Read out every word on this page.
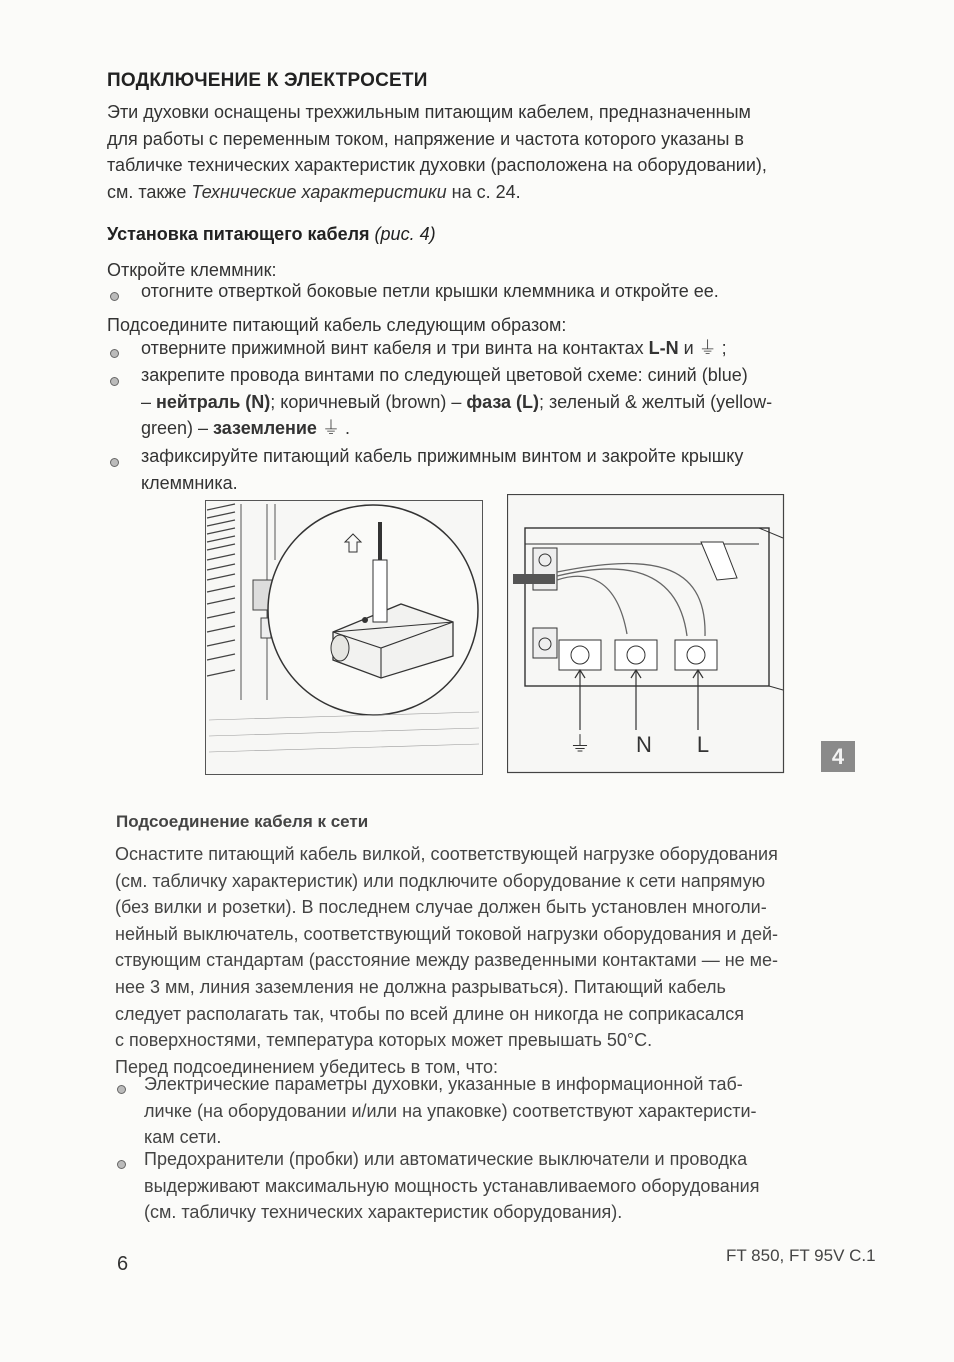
ПОДКЛЮЧЕНИЕ К ЭЛЕКТРОСЕТИ
Эти духовки оснащены трехжильным питающим кабелем, предназначенным
для работы с переменным током, напряжение и частота которого указаны в
табличке технических характеристик духовки (расположена на оборудовании),
см. также Технические характеристики на с. 24.
Установка питающего кабеля (рис. 4)
Откройте клеммник:
отогните отверткой боковые петли крышки клеммника и откройте ее.
Подсоедините питающий кабель следующим образом:
отверните прижимной винт кабеля и три винта на контактах L-N и ⏚ ;
закрепите провода винтами по следующей цветовой схеме: синий (blue)
– нейтраль (N); коричневый (brown) – фаза (L); зеленый & желтый (yellow-
green) – заземление ⏚ .
зафиксируйте питающий кабель прижимным винтом и закройте крышку
клеммника.
⏚ N L	4
Подсоединение кабеля к сети
Оснастите питающий кабель вилкой, соответствующей нагрузке оборудования
(см. табличку характеристик) или подключите оборудование к сети напрямую
(без вилки и розетки). В последнем случае должен быть установлен многоли-
нейный выключатель, соответствующий токовой нагрузки оборудования и дей-
ствующим стандартам (расстояние между разведенными контактами — не ме-
нее 3 мм, линия заземления не должна разрываться). Питающий кабель
следует располагать так, чтобы по всей длине он никогда не соприкасался
с поверхностями, температура которых может превышать 50°С.
Перед подсоединением убедитесь в том, что:
Электрические параметры духовки, указанные в информационной таб-
личке (на оборудовании и/или на упаковке) соответствуют характеристи-
кам сети.
Предохранители (пробки) или автоматические выключатели и проводка
выдерживают максимальную мощность устанавливаемого оборудования
(см. табличку технических характеристик оборудования).
6	FT 850, FT 95V C.1
